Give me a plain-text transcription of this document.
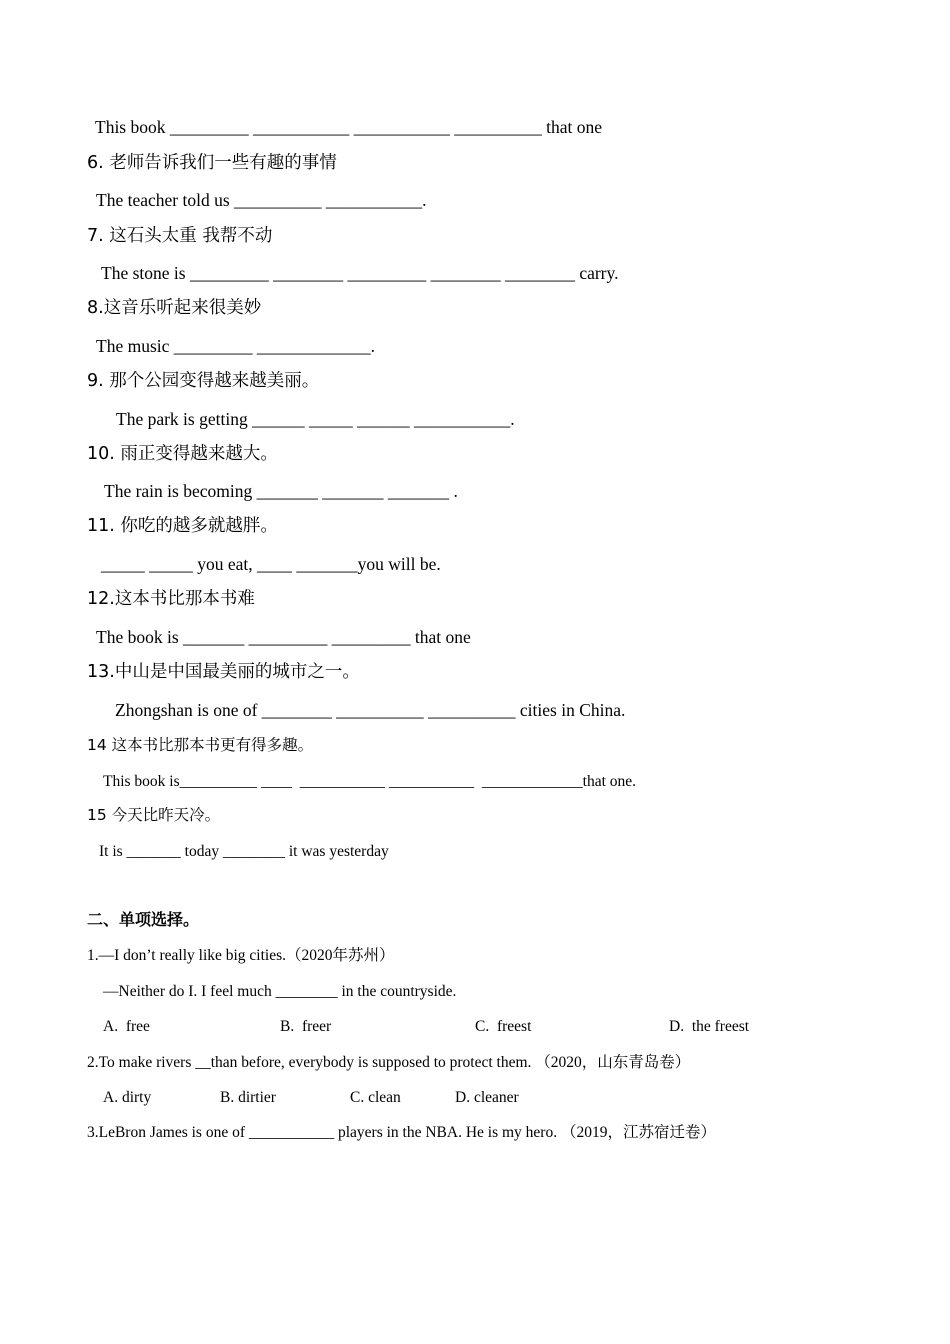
This book _________ ___________ ___________ __________ that one
6. 老师告诉我们一些有趣的事情
The teacher told us __________ ___________.
7. 这石头太重 我帮不动
The stone is _________ ________ _________ ________ ________ carry.
8.这音乐听起来很美妙
The music _________ _____________.
9. 那个公园变得越来越美丽。
The park is getting ______ _____ ______ ___________.
10. 雨正变得越来越大。
The rain is becoming _______ _______ _______ .
11. 你吃的越多就越胖。
_____ _____ you eat, ____ _______you will be.
12.这本书比那本书难
The book is _______ _________ _________ that one
13.中山是中国最美丽的城市之一。
Zhongshan is one of ________ __________ __________ cities in China.
14 这本书比那本书更有得多趣。
This book is__________ ____  ___________ ___________  _____________that one.
15 今天比昨天冷。
It is _______ today ________ it was yesterday
二、单项选择。
1.—I don’t really like big cities.（2020年苏州）
—Neither do I. I feel much ________ in the countryside.
A.  free	B.  freer	C.  freest	D.  the freest
2.To make rivers __than before, everybody is supposed to protect them. （2020，山东青岛卷）
A. dirty	B. dirtier	C. clean	D. cleaner
3.LeBron James is one of ___________ players in the NBA. He is my hero. （2019，江苏宿迁卷）
